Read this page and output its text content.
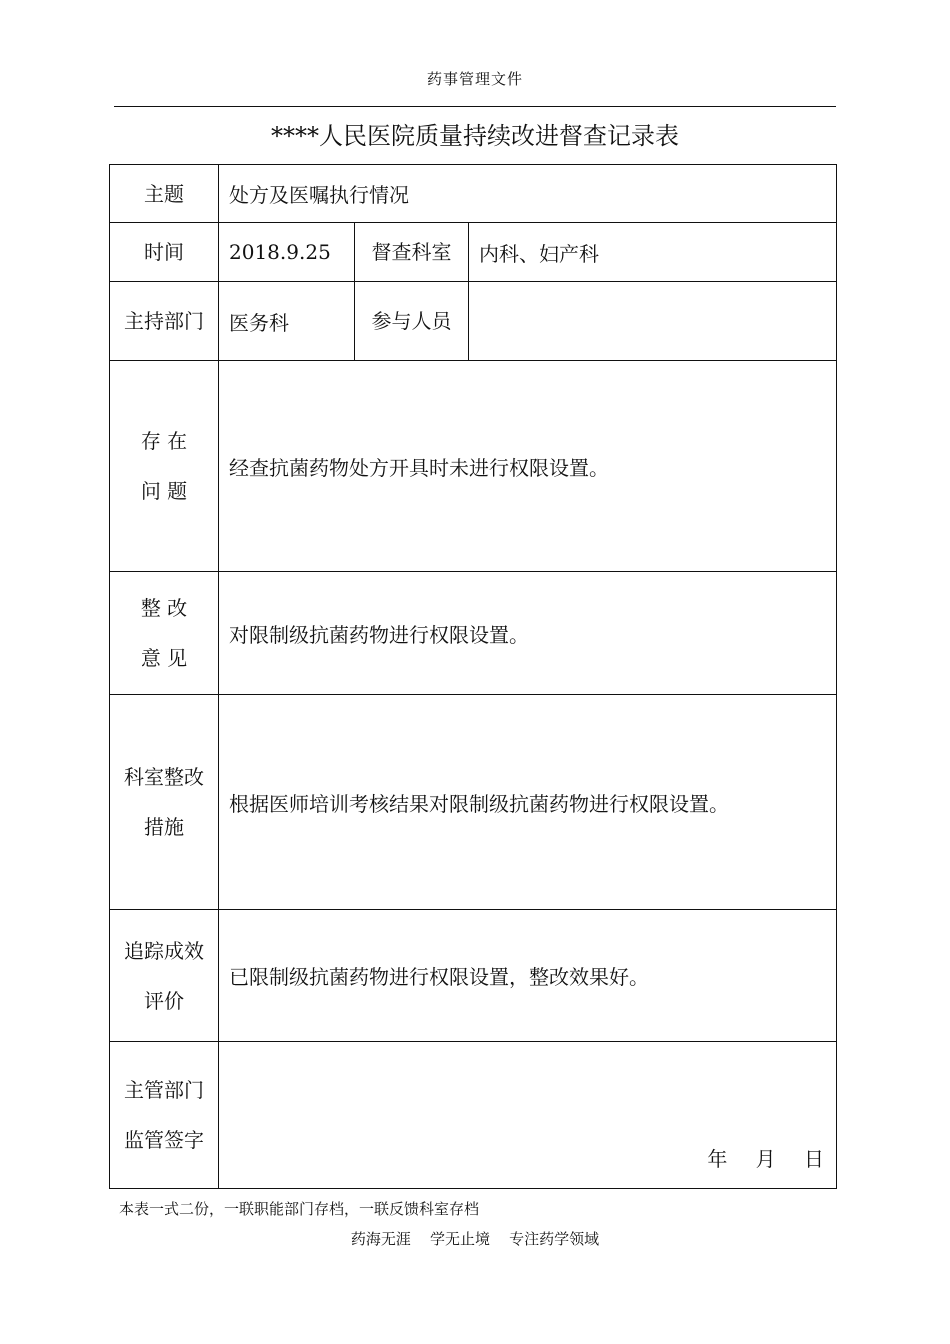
药事管理文件
****人民医院质量持续改进督查记录表
主题	处方及医嘱执行情况		
时间	2018.9.25	督查科室	内科、妇产科
主持部门	医务科	参与人员	

存 在
问 题	经查抗菌药物处方开具时未进行权限设置。		

整 改
意 见	对限制级抗菌药物进行权限设置。		

科室整改
措施	根据医师培训考核结果对限制级抗菌药物进行权限设置。		

追踪成效
评价	已限制级抗菌药物进行权限设置，整改效果好。		

主管部门
监管签字	年 月 日		
本表一式二份，一联职能部门存档，一联反馈科室存档
药海无涯    学无止境    专注药学领域
